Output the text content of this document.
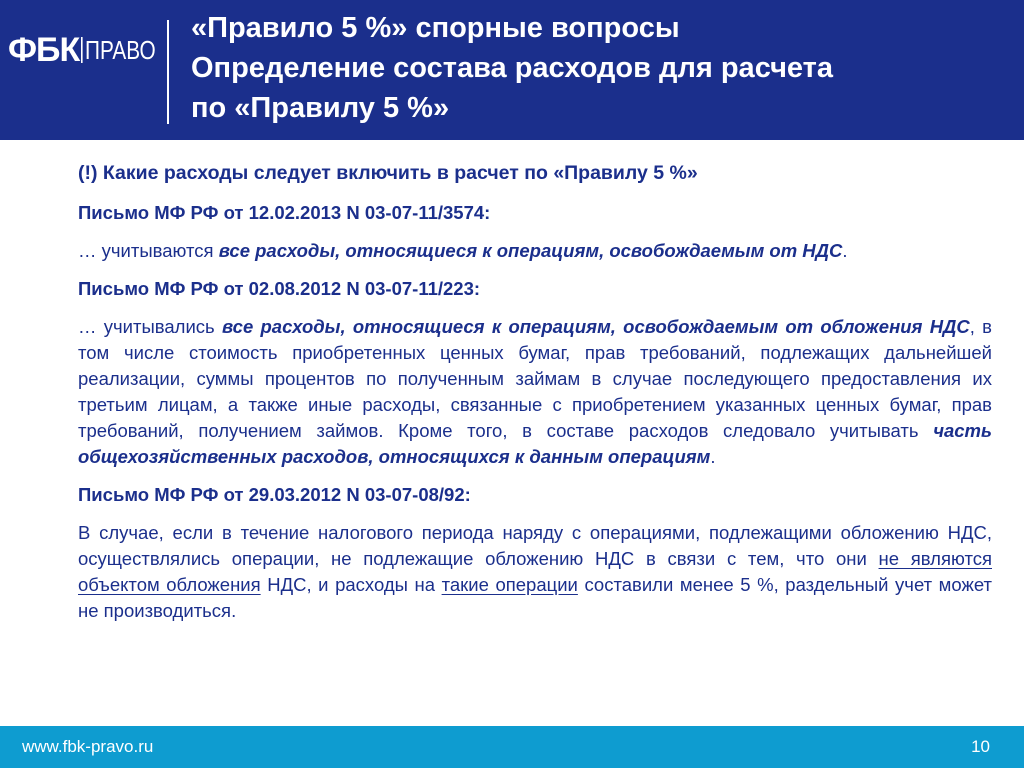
ФБК ПРАВО
«Правило 5 %» спорные вопросы
Определение состава расходов для расчета
по «Правилу 5 %»

(!) Какие расходы следует включить в расчет по «Правилу 5 %»

Письмо МФ РФ от 12.02.2013 N 03-07-11/3574:

… учитываются все расходы, относящиеся к операциям, освобождаемым от НДС.

Письмо МФ РФ от 02.08.2012 N 03-07-11/223:

… учитывались все расходы, относящиеся к операциям, освобождаемым от обложения НДС, в том числе стоимость приобретенных ценных бумаг, прав требований, подлежащих дальнейшей реализации, суммы процентов по полученным займам в случае последующего предоставления их третьим лицам, а также иные расходы, связанные с приобретением указанных ценных бумаг, прав требований, получением займов. Кроме того, в составе расходов следовало учитывать часть общехозяйственных расходов, относящихся к данным операциям.

Письмо МФ РФ от 29.03.2012 N 03-07-08/92:

В случае, если в течение налогового периода наряду с операциями, подлежащими обложению НДС, осуществлялись операции, не подлежащие обложению НДС в связи с тем, что они не являются объектом обложения НДС, и расходы на такие операции составили менее 5 %, раздельный учет может не производиться.

www.fbk-pravo.ru	10
